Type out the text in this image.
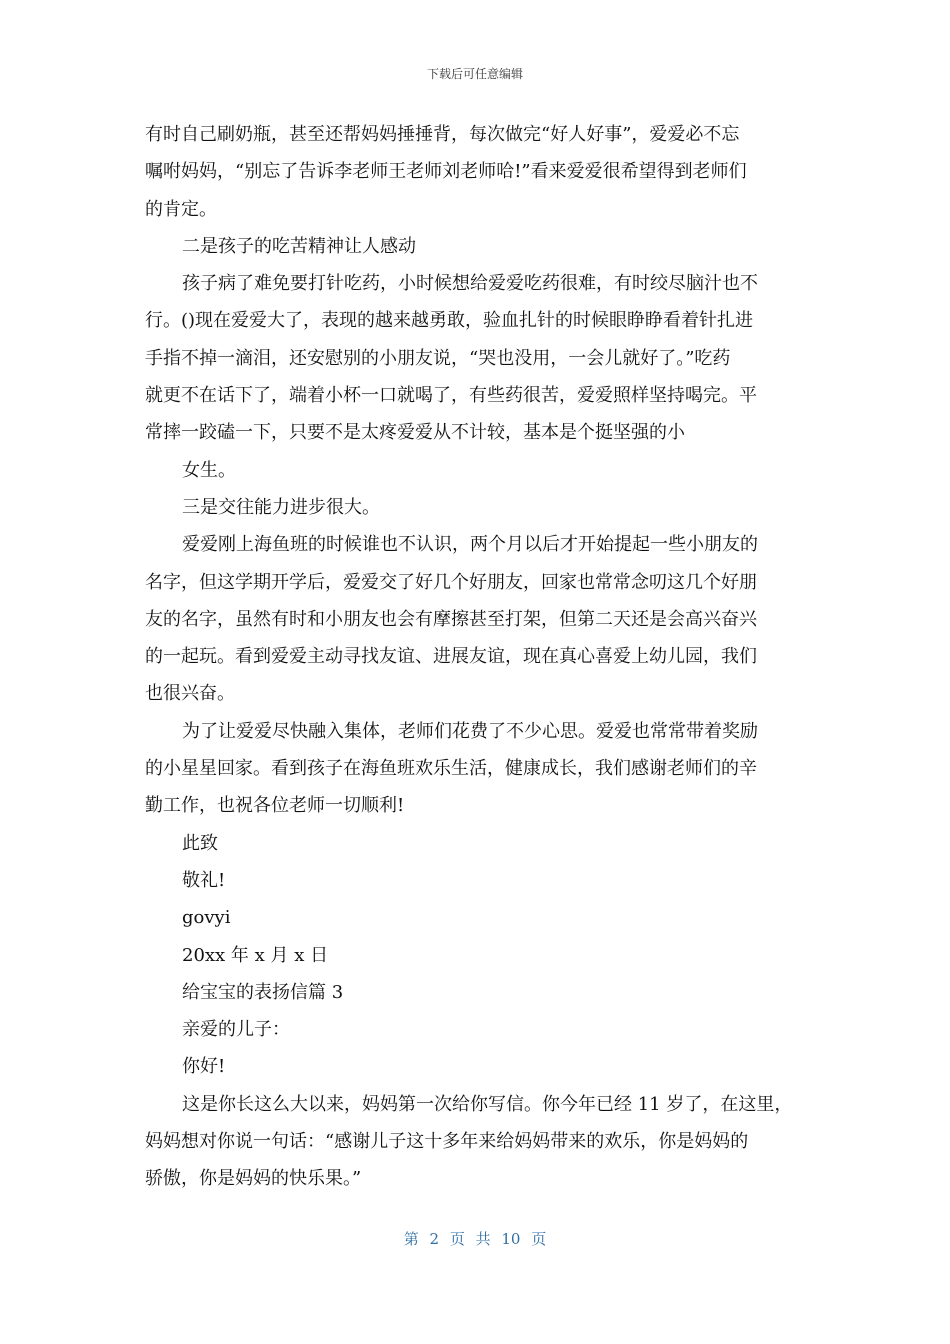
下载后可任意编辑
有时自己刷奶瓶，甚至还帮妈妈捶捶背，每次做完“好人好事”，爱爱必不忘
嘱咐妈妈，“别忘了告诉李老师王老师刘老师哈!”看来爱爱很希望得到老师们
的肯定。
二是孩子的吃苦精神让人感动
孩子病了难免要打针吃药，小时候想给爱爱吃药很难，有时绞尽脑汁也不
行。()现在爱爱大了，表现的越来越勇敢，验血扎针的时候眼睁睁看着针扎进
手指不掉一滴泪，还安慰别的小朋友说，“哭也没用，一会儿就好了。”吃药
就更不在话下了，端着小杯一口就喝了，有些药很苦，爱爱照样坚持喝完。平
常摔一跤磕一下，只要不是太疼爱爱从不计较，基本是个挺坚强的小
女生。
三是交往能力进步很大。
爱爱刚上海鱼班的时候谁也不认识，两个月以后才开始提起一些小朋友的
名字，但这学期开学后，爱爱交了好几个好朋友，回家也常常念叨这几个好朋
友的名字，虽然有时和小朋友也会有摩擦甚至打架，但第二天还是会高兴奋兴
的一起玩。看到爱爱主动寻找友谊、进展友谊，现在真心喜爱上幼儿园，我们
也很兴奋。
为了让爱爱尽快融入集体，老师们花费了不少心思。爱爱也常常带着奖励
的小星星回家。看到孩子在海鱼班欢乐生活，健康成长，我们感谢老师们的辛
勤工作，也祝各位老师一切顺利!
此致
敬礼!
govyi
20xx 年 x 月 x 日
给宝宝的表扬信篇 3
亲爱的儿子：
你好!
这是你长这么大以来，妈妈第一次给你写信。你今年已经 11 岁了，在这里，
妈妈想对你说一句话：“感谢儿子这十多年来给妈妈带来的欢乐，你是妈妈的
骄傲，你是妈妈的快乐果。”
第 2 页 共 10 页
